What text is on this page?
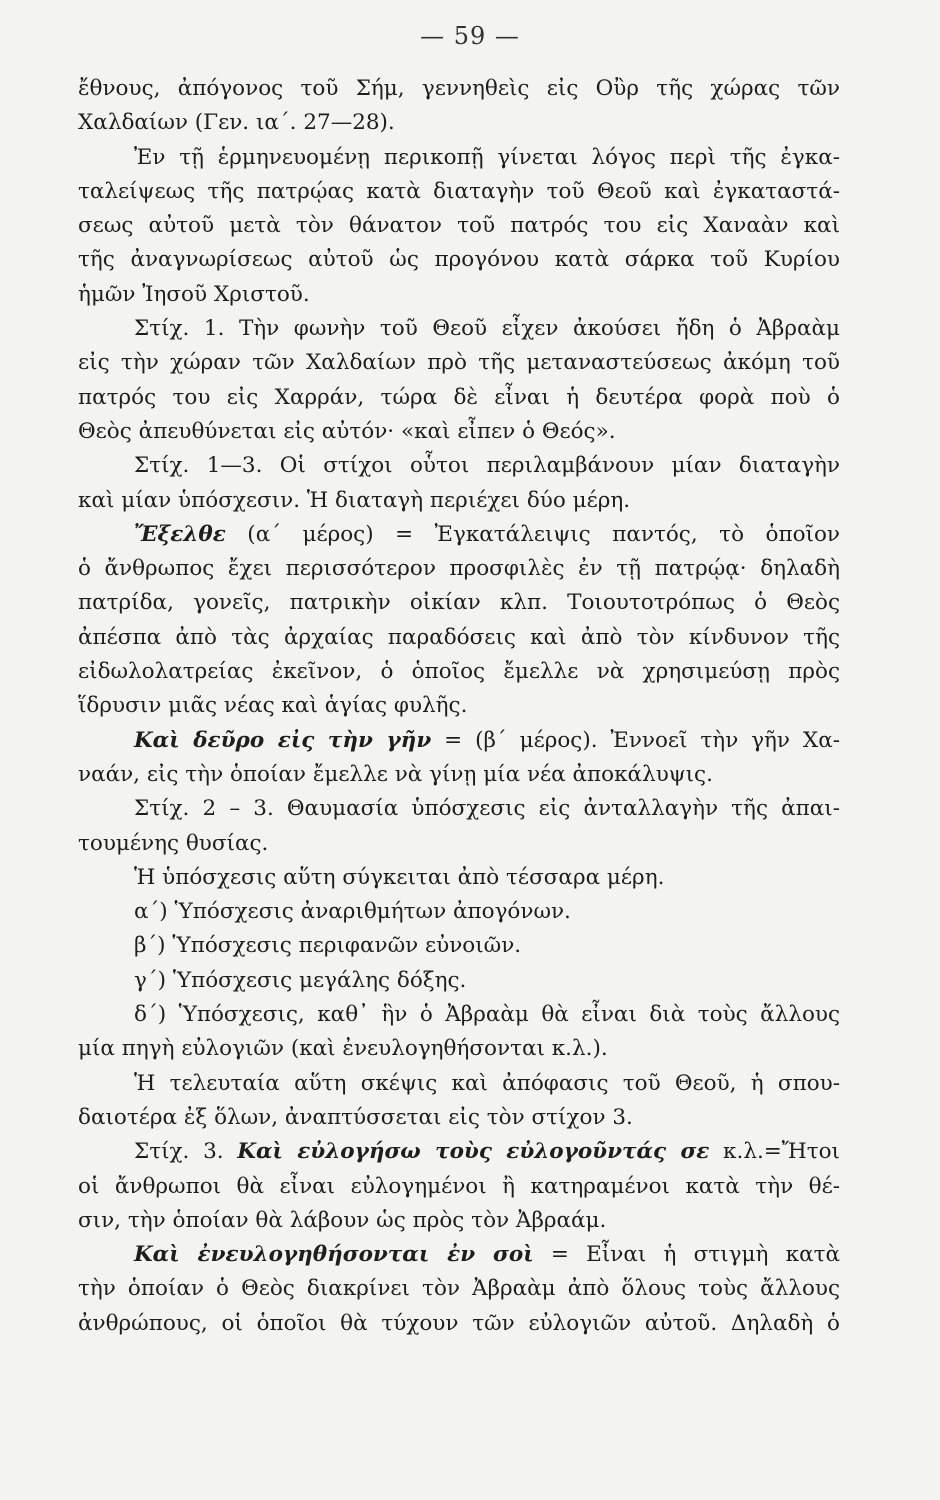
— 59 —
ἔθνους, ἀπόγονος τοῦ Σήμ, γεννηθεὶς εἰς Οὒρ τῆς χώρας τῶν
Χαλδαίων (Γεν. ια΄. 27—28).
Ἐν τῇ ἑρμηνευομένῃ περικοπῇ γίνεται λόγος περὶ τῆς ἐγκα-
ταλείψεως τῆς πατρῴας κατὰ διαταγὴν τοῦ Θεοῦ καὶ ἐγκαταστά-
σεως αὐτοῦ μετὰ τὸν θάνατον τοῦ πατρός του εἰς Χαναὰν καὶ
τῆς ἀναγνωρίσεως αὐτοῦ ὡς προγόνου κατὰ σάρκα τοῦ Κυρίου
ἡμῶν Ἰησοῦ Χριστοῦ.
Στίχ. 1. Τὴν φωνὴν τοῦ Θεοῦ εἶχεν ἀκούσει ἤδη ὁ Ἀβραὰμ
εἰς τὴν χώραν τῶν Χαλδαίων πρὸ τῆς μεταναστεύσεως ἀκόμη τοῦ
πατρός του εἰς Χαρράν, τώρα δὲ εἶναι ἡ δευτέρα φορὰ ποὺ ὁ
Θεὸς ἀπευθύνεται εἰς αὐτόν· «καὶ εἶπεν ὁ Θεός».
Στίχ. 1—3. Οἱ στίχοι οὗτοι περιλαμβάνουν μίαν διαταγὴν
καὶ μίαν ὑπόσχεσιν. Ἡ διαταγὴ περιέχει δύο μέρη.
Ἔξελθε (α΄ μέρος) = Ἐγκατάλειψις παντός, τὸ ὁποῖον
ὁ ἄνθρωπος ἔχει περισσότερον προσφιλὲς ἐν τῇ πατρῴᾳ· δηλαδὴ
πατρίδα, γονεῖς, πατρικὴν οἰκίαν κλπ. Τοιουτοτρόπως ὁ Θεὸς
ἀπέσπα ἀπὸ τὰς ἀρχαίας παραδόσεις καὶ ἀπὸ τὸν κίνδυνον τῆς
εἰδωλολατρείας ἐκεῖνον, ὁ ὁποῖος ἔμελλε νὰ χρησιμεύσῃ πρὸς
ἵδρυσιν μιᾶς νέας καὶ ἁγίας φυλῆς.
Καὶ δεῦρο εἰς τὴν γῆν = (β΄ μέρος). Ἐννοεῖ τὴν γῆν Χα-
ναάν, εἰς τὴν ὁποίαν ἔμελλε νὰ γίνῃ μία νέα ἀποκάλυψις.
Στίχ. 2 – 3. Θαυμασία ὑπόσχεσις εἰς ἀνταλλαγὴν τῆς ἀπαι-
τουμένης θυσίας.
Ἡ ὑπόσχεσις αὕτη σύγκειται ἀπὸ τέσσαρα μέρη.
α΄) Ὑπόσχεσις ἀναριθμήτων ἀπογόνων.
β΄) Ὑπόσχεσις περιφανῶν εὐνοιῶν.
γ΄) Ὑπόσχεσις μεγάλης δόξης.
δ΄) Ὑπόσχεσις, καθ᾽ ἣν ὁ Ἀβραὰμ θὰ εἶναι διὰ τοὺς ἄλλους
μία πηγὴ εὐλογιῶν (καὶ ἐνευλογηθήσονται κ.λ.).
Ἡ τελευταία αὕτη σκέψις καὶ ἀπόφασις τοῦ Θεοῦ, ἡ σπου-
δαιοτέρα ἐξ ὅλων, ἀναπτύσσεται εἰς τὸν στίχον 3.
Στίχ. 3. Καὶ εὐλογήσω τοὺς εὐλογοῦντάς σε κ.λ.=Ἤτοι
οἱ ἄνθρωποι θὰ εἶναι εὐλογημένοι ἢ κατηραμένοι κατὰ τὴν θέ-
σιν, τὴν ὁποίαν θὰ λάβουν ὡς πρὸς τὸν Ἀβραάμ.
Καὶ ἐνευλογηθήσονται ἐν σοὶ = Εἶναι ἡ στιγμὴ κατὰ
τὴν ὁποίαν ὁ Θεὸς διακρίνει τὸν Ἀβραὰμ ἀπὸ ὅλους τοὺς ἄλλους
ἀνθρώπους, οἱ ὁποῖοι θὰ τύχουν τῶν εὐλογιῶν αὐτοῦ. Δηλαδὴ ὁ
